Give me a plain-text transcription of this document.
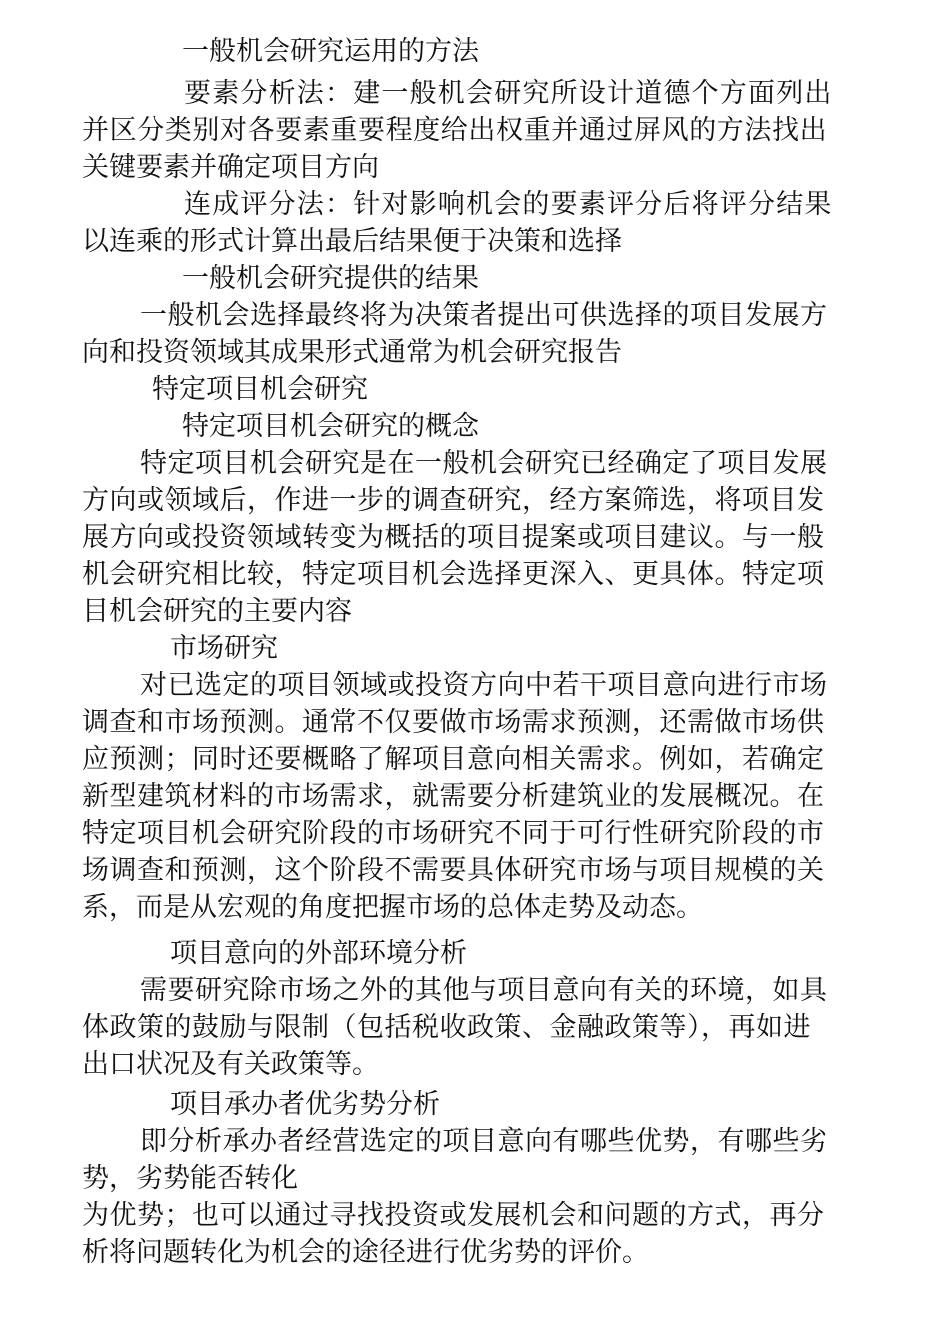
一般机会研究运用的方法
要素分析法：建一般机会研究所设计道德个方面列出
并区分类别对各要素重要程度给出权重并通过屏风的方法找出
关键要素并确定项目方向
连成评分法：针对影响机会的要素评分后将评分结果
以连乘的形式计算出最后结果便于决策和选择
一般机会研究提供的结果
一般机会选择最终将为决策者提出可供选择的项目发展方
向和投资领域其成果形式通常为机会研究报告
特定项目机会研究
特定项目机会研究的概念
特定项目机会研究是在一般机会研究已经确定了项目发展
方向或领域后，作进一步的调查研究，经方案筛选，将项目发
展方向或投资领域转变为概括的项目提案或项目建议。与一般
机会研究相比较，特定项目机会选择更深入、更具体。特定项
目机会研究的主要内容
市场研究
对已选定的项目领域或投资方向中若干项目意向进行市场
调查和市场预测。通常不仅要做市场需求预测，还需做市场供
应预测；同时还要概略了解项目意向相关需求。例如，若确定
新型建筑材料的市场需求，就需要分析建筑业的发展概况。在
特定项目机会研究阶段的市场研究不同于可行性研究阶段的市
场调查和预测，这个阶段不需要具体研究市场与项目规模的关
系，而是从宏观的角度把握市场的总体走势及动态。
项目意向的外部环境分析
需要研究除市场之外的其他与项目意向有关的环境，如具
体政策的鼓励与限制（包括税收政策、金融政策等），再如进
出口状况及有关政策等。
项目承办者优劣势分析
即分析承办者经营选定的项目意向有哪些优势，有哪些劣
势，劣势能否转化
为优势；也可以通过寻找投资或发展机会和问题的方式，再分
析将问题转化为机会的途径进行优劣势的评价。
